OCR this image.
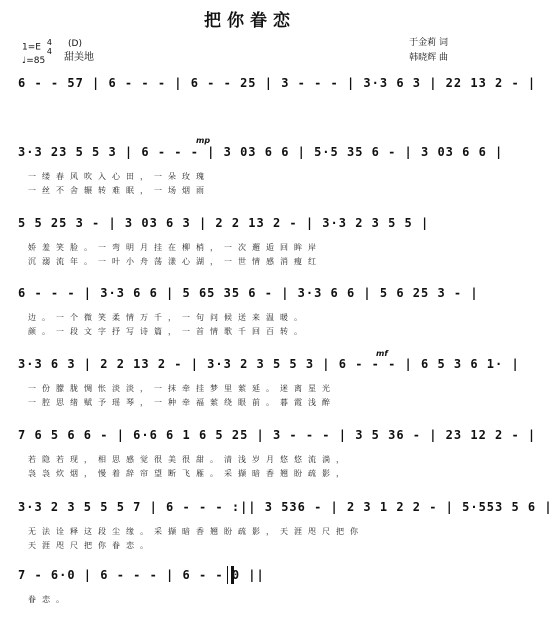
把你眷恋
1=E 4
4
(D)
♩=85 甜美地
于金莉 词
韩晓辉 曲
mp
mf
6 - - 57 | 6 - - - | 6 - - 25 | 3 - - - | 3·3 6 3 | 22 13 2 - |
3·3 23 5 5 3 | 6 - - - | 3 03 6 6 | 5·5 35 6 - | 3 03 6 6 |
一缕春风吹入心田，一朵玫瑰
一丝不舍辗转难眠，一场烟雨
5 5 25 3 - | 3 03 6 3 | 2 2 13 2 - | 3·3 2 3 5 5 |
娇羞笑脸。一弯明月挂在柳梢，一次邂逅回眸岸
沉溺流年。一叶小舟荡漾心湖，一世情感消瘦红
6 - - - | 3·3 6 6 | 5 65 35 6 - | 3·3 6 6 | 5 6 25 3 - |
边。一个微笑柔情万千，一句问候送来温暖。
颜。一段文字抒写诗篇，一首情歌千回百转。
3·3 6 3 | 2 2 13 2 - | 3·3 2 3 5 5 3 | 6 - - - | 6 5 3 6 1· |
一份朦胧惆怅淡淡，一抹牵挂梦里萦延。迷离星光
一腔思绪赋予瑶琴，一种牵福萦绕眼前。暮霞浅醉
7 6 5 6 6 - | 6·6 6 1 6 5 25 | 3 - - - | 3 5 36 - | 23 12 2 - |
若隐若现，相思感觉很美很甜。清浅岁月悠悠流淌，
袅袅炊烟，慢着辞帘望断飞雁。采撷暗香翘盼疏影，
3·3 2 3 5 5 5 7 | 6 - - - :|| 3 536 - | 2 3 1 2 2 - | 5·553 5 6 |
无法诠释这段尘缘。采撷暗香翘盼疏影，天涯咫尺把你
天涯咫尺把你眷恋。
7 - 6·0 | 6 - - - | 6 - - 0 ||
眷恋。
